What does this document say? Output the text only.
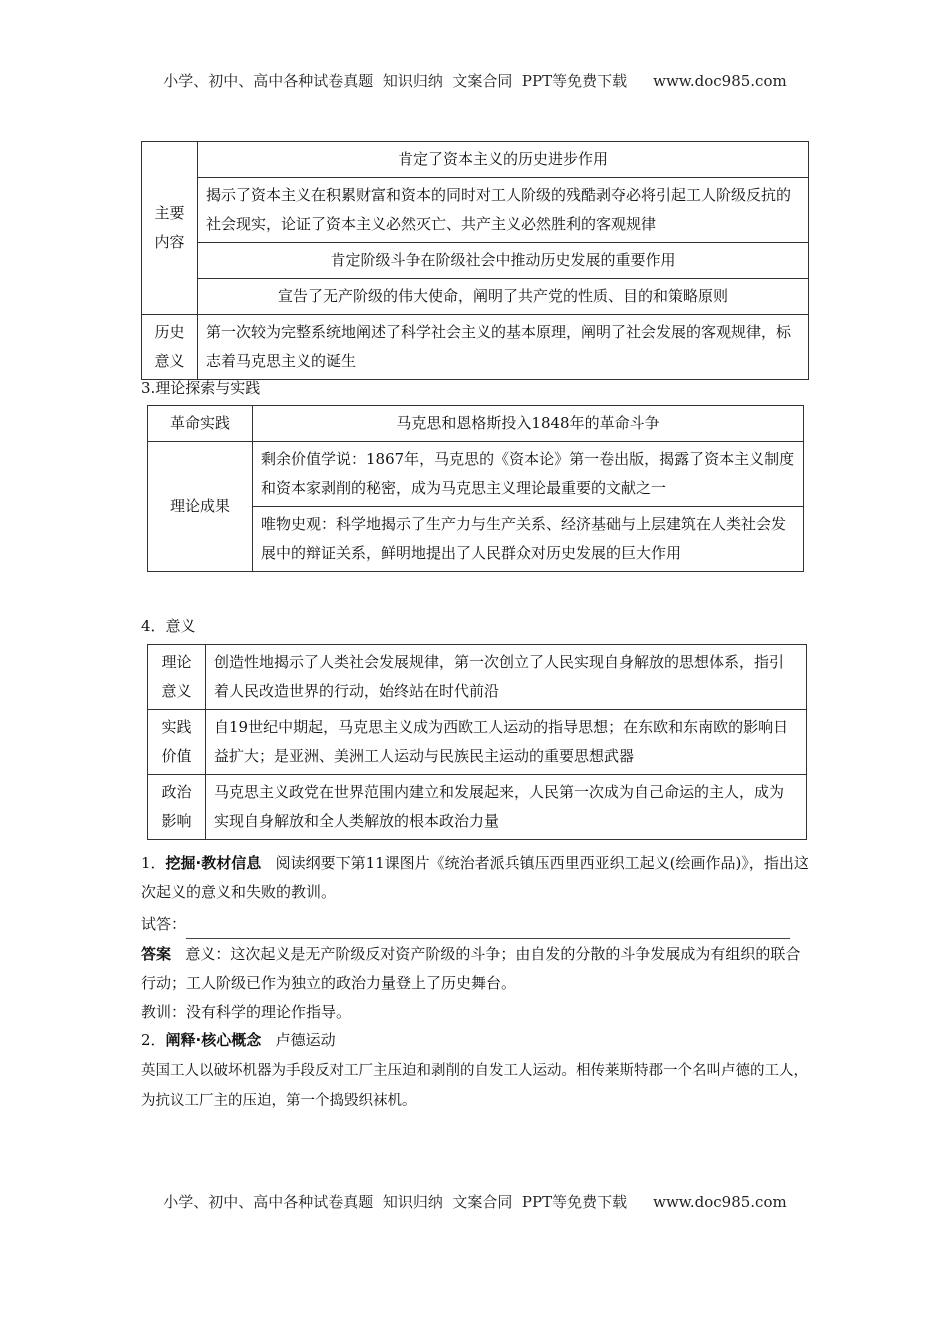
小学、初中、高中各种试卷真题  知识归纳  文案合同  PPT等免费下载 www.doc985.com
主要
内容	肯定了资本主义的历史进步作用
	揭示了资本主义在积累财富和资本的同时对工人阶级的残酷剥夺必将引起工人阶级反抗的社会现实，论证了资本主义必然灭亡、共产主义必然胜利的客观规律
	肯定阶级斗争在阶级社会中推动历史发展的重要作用
	宣告了无产阶级的伟大使命，阐明了共产党的性质、目的和策略原则
历史
意义	第一次较为完整系统地阐述了科学社会主义的基本原理，阐明了社会发展的客观规律，标志着马克思主义的诞生
3.理论探索与实践
革命实践	马克思和恩格斯投入1848年的革命斗争
理论成果	剩余价值学说：1867年，马克思的《资本论》第一卷出版，揭露了资本主义制度和资本家剥削的秘密，成为马克思主义理论最重要的文献之一
	唯物史观：科学地揭示了生产力与生产关系、经济基础与上层建筑在人类社会发展中的辩证关系，鲜明地提出了人民群众对历史发展的巨大作用
4．意义
理论
意义	创造性地揭示了人类社会发展规律，第一次创立了人民实现自身解放的思想体系，指引着人民改造世界的行动，始终站在时代前沿
实践
价值	自19世纪中期起，马克思主义成为西欧工人运动的指导思想；在东欧和东南欧的影响日益扩大；是亚洲、美洲工人运动与民族民主运动的重要思想武器
政治
影响	马克思主义政党在世界范围内建立和发展起来，人民第一次成为自己命运的主人，成为实现自身解放和全人类解放的根本政治力量
1．挖掘·教材信息 阅读纲要下第11课图片《统治者派兵镇压西里西亚织工起义(绘画作品)》，指出这次起义的意义和失败的教训。
试答：
答案 意义：这次起义是无产阶级反对资产阶级的斗争；由自发的分散的斗争发展成为有组织的联合行动；工人阶级已作为独立的政治力量登上了历史舞台。
教训：没有科学的理论作指导。
2．阐释·核心概念 卢德运动
英国工人以破坏机器为手段反对工厂主压迫和剥削的自发工人运动。相传莱斯特郡一个名叫卢德的工人，为抗议工厂主的压迫，第一个捣毁织袜机。
小学、初中、高中各种试卷真题  知识归纳  文案合同  PPT等免费下载 www.doc985.com
